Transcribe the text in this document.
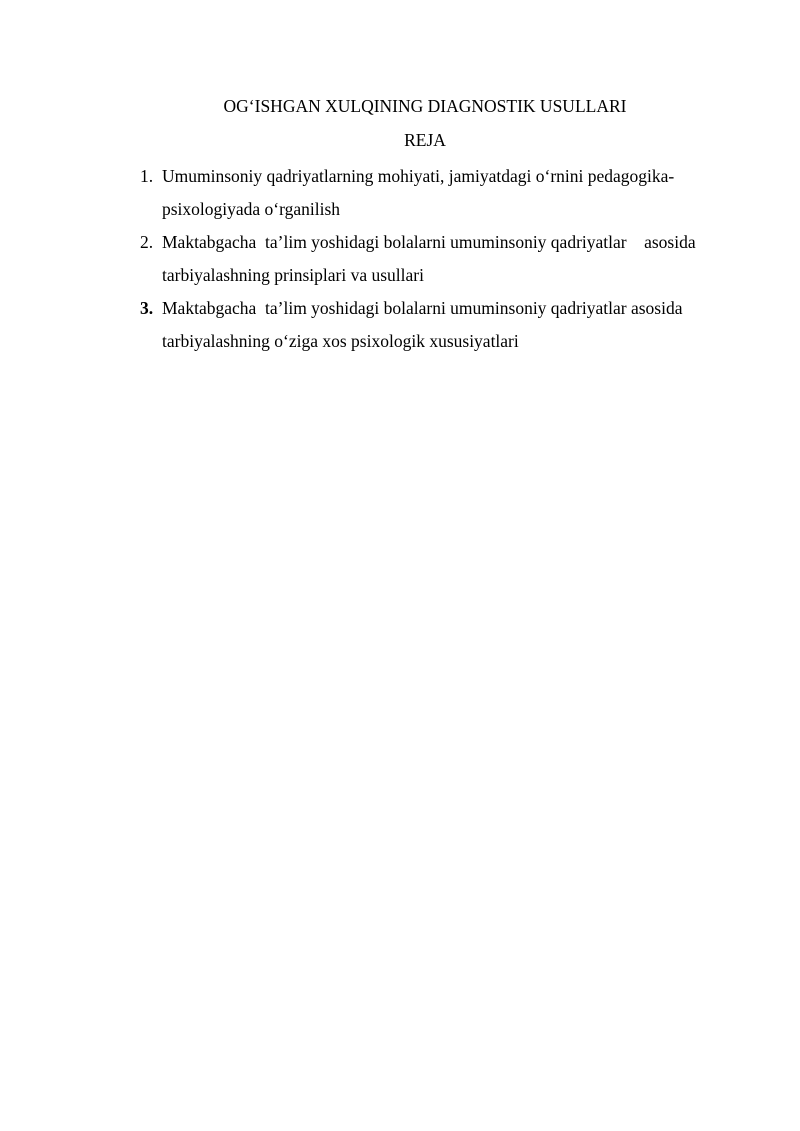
OG‘ISHGAN XULQINING DIAGNOSTIK USULLARI
REJA
1. Umuminsoniy qadriyatlarning mohiyati, jamiyatdagi o‘rnini pedagogika-
psixologiyada o‘rganilish
2. Maktabgacha  ta’lim yoshidagi bolalarni umuminsoniy qadriyatlar    asosida
tarbiyalashning prinsiplari va usullari
3. Maktabgacha  ta’lim yoshidagi bolalarni umuminsoniy qadriyatlar asosida
tarbiyalashning o‘ziga xos psixologik xususiyatlari
